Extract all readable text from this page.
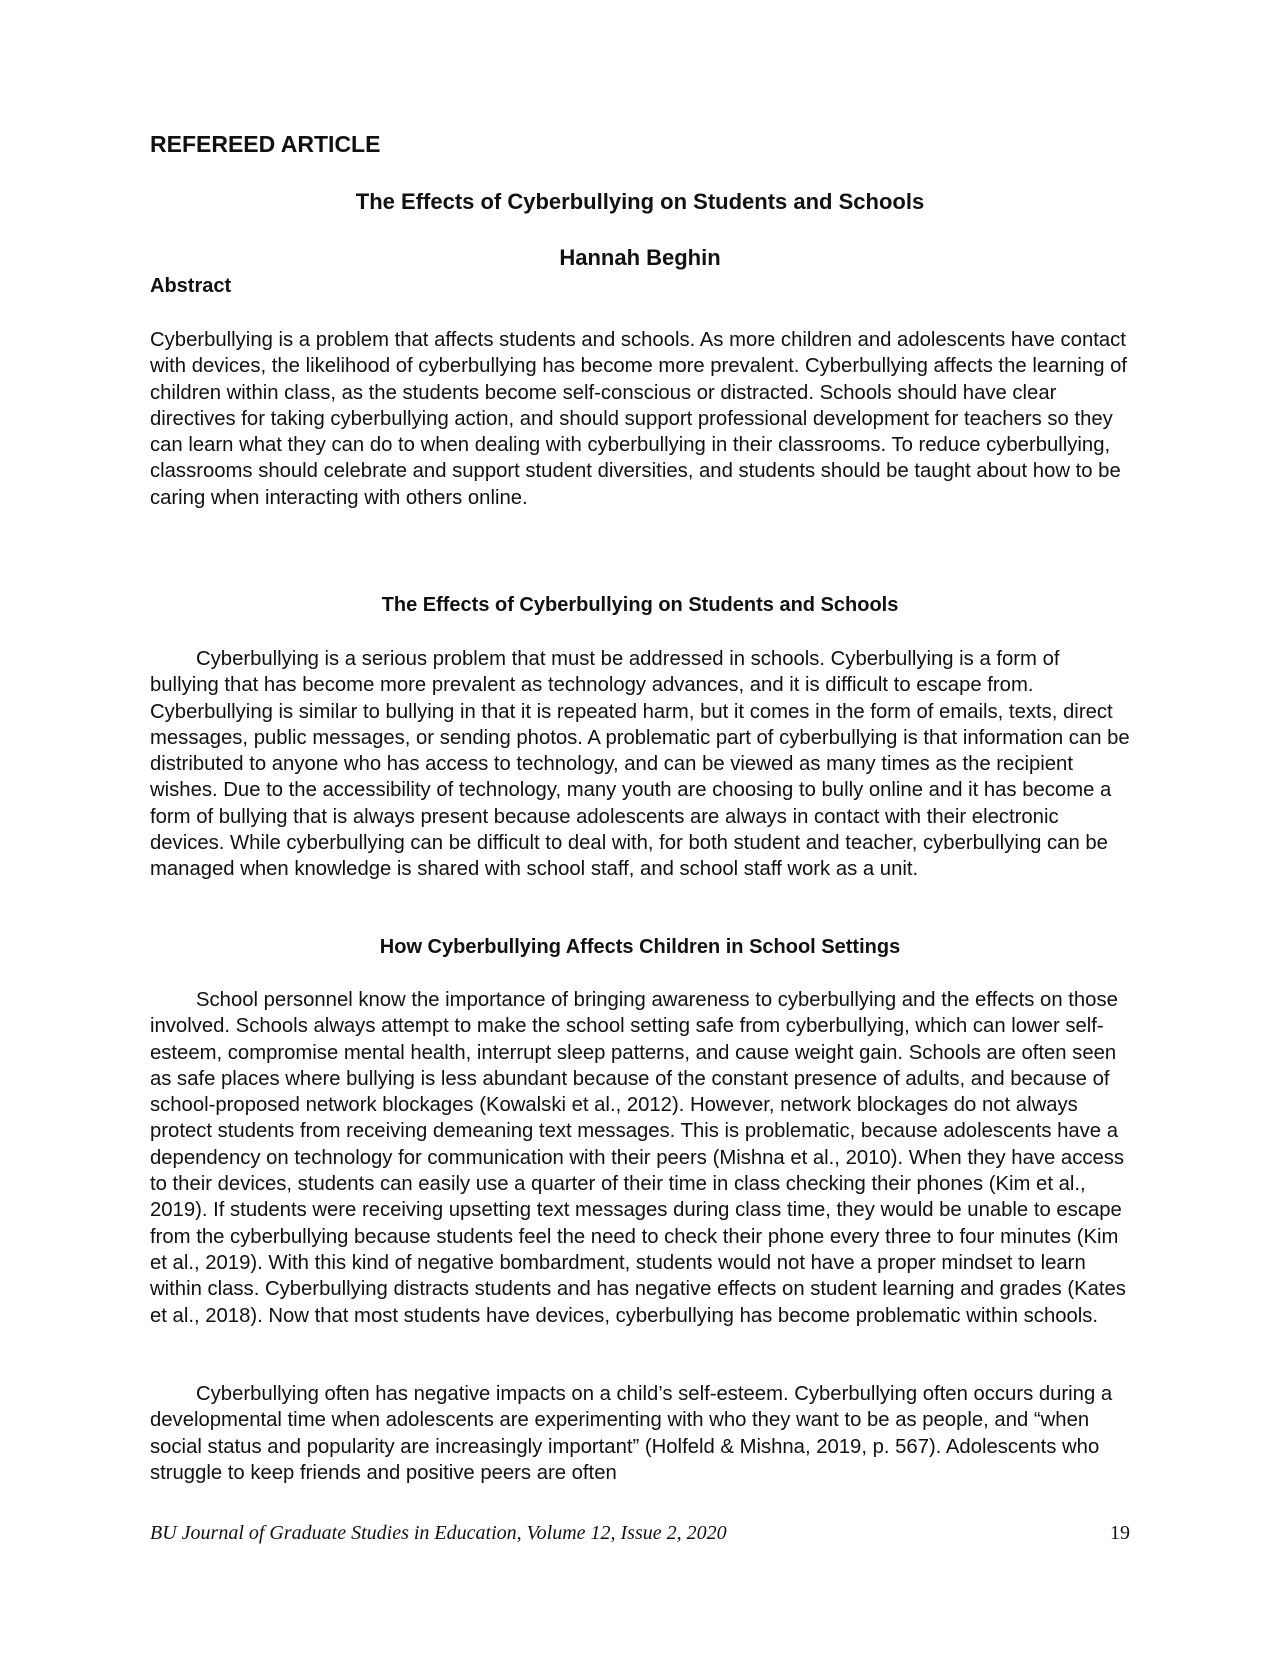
REFEREED ARTICLE
The Effects of Cyberbullying on Students and Schools
Hannah Beghin
Abstract

Cyberbullying is a problem that affects students and schools. As more children and adolescents have contact with devices, the likelihood of cyberbullying has become more prevalent. Cyberbullying affects the learning of children within class, as the students become self-conscious or distracted. Schools should have clear directives for taking cyberbullying action, and should support professional development for teachers so they can learn what they can do to when dealing with cyberbullying in their classrooms. To reduce cyberbullying, classrooms should celebrate and support student diversities, and students should be taught about how to be caring when interacting with others online.

The Effects of Cyberbullying on Students and Schools

Cyberbullying is a serious problem that must be addressed in schools. Cyberbullying is a form of bullying that has become more prevalent as technology advances, and it is difficult to escape from. Cyberbullying is similar to bullying in that it is repeated harm, but it comes in the form of emails, texts, direct messages, public messages, or sending photos. A problematic part of cyberbullying is that information can be distributed to anyone who has access to technology, and can be viewed as many times as the recipient wishes. Due to the accessibility of technology, many youth are choosing to bully online and it has become a form of bullying that is always present because adolescents are always in contact with their electronic devices. While cyberbullying can be difficult to deal with, for both student and teacher, cyberbullying can be managed when knowledge is shared with school staff, and school staff work as a unit.

How Cyberbullying Affects Children in School Settings

School personnel know the importance of bringing awareness to cyberbullying and the effects on those involved. Schools always attempt to make the school setting safe from cyberbullying, which can lower self-esteem, compromise mental health, interrupt sleep patterns, and cause weight gain. Schools are often seen as safe places where bullying is less abundant because of the constant presence of adults, and because of school-proposed network blockages (Kowalski et al., 2012). However, network blockages do not always protect students from receiving demeaning text messages. This is problematic, because adolescents have a dependency on technology for communication with their peers (Mishna et al., 2010). When they have access to their devices, students can easily use a quarter of their time in class checking their phones (Kim et al., 2019). If students were receiving upsetting text messages during class time, they would be unable to escape from the cyberbullying because students feel the need to check their phone every three to four minutes (Kim et al., 2019). With this kind of negative bombardment, students would not have a proper mindset to learn within class. Cyberbullying distracts students and has negative effects on student learning and grades (Kates et al., 2018). Now that most students have devices, cyberbullying has become problematic within schools.

Cyberbullying often has negative impacts on a child’s self-esteem. Cyberbullying often occurs during a developmental time when adolescents are experimenting with who they want to be as people, and “when social status and popularity are increasingly important” (Holfeld & Mishna, 2019, p. 567). Adolescents who struggle to keep friends and positive peers are often

BU Journal of Graduate Studies in Education, Volume 12, Issue 2, 2020	19
